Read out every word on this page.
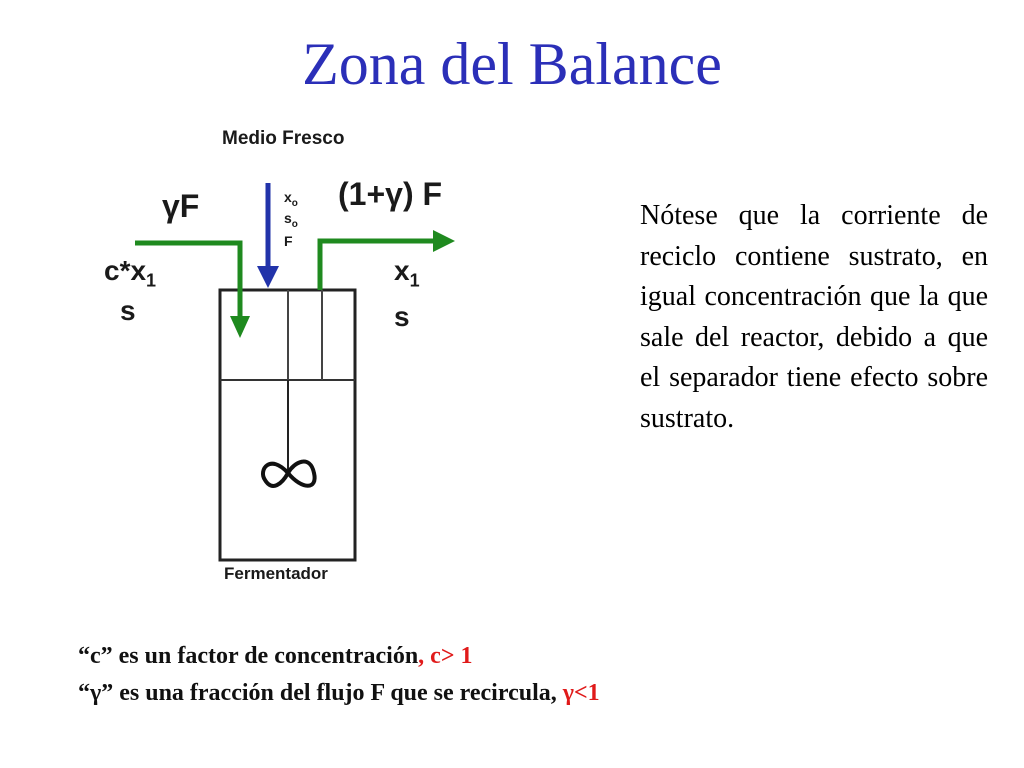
Zona del Balance
Medio Fresco
γF	(1+γ) F
$x_o$
$s_o$
F
$c*x_1$
s
$x_1$
s
Fermentador
Nótese que la corriente de reciclo contiene sustrato, en igual concentración que la que sale del reactor, debido a que el separador tiene efecto sobre sustrato.
“c” es un factor de concentración, c> 1
“γ” es una fracción del flujo F que se recircula, γ<1
